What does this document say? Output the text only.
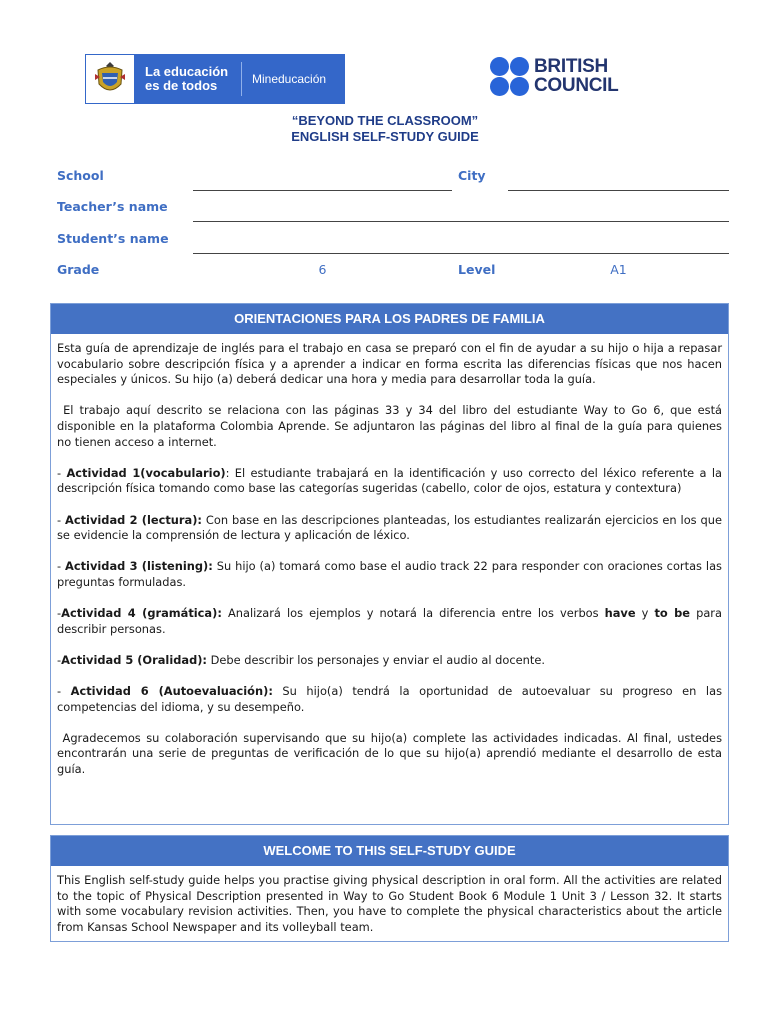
La educación
es de todos	Mineducación
BRITISH
COUNCIL
“BEYOND THE CLASSROOM”
ENGLISH SELF-STUDY GUIDE
School	City
Teacher’s name
Student’s name
Grade	6	Level	A1
ORIENTACIONES PARA LOS PADRES DE FAMILIA

Esta guía de aprendizaje de inglés para el trabajo en casa se preparó con el fin de ayudar a su hijo o hija a repasar vocabulario sobre descripción física y a aprender a indicar en forma escrita las diferencias físicas que nos hacen especiales y únicos. Su hijo (a) deberá dedicar una hora y media para desarrollar toda la guía.

El trabajo aquí descrito se relaciona con las páginas 33 y 34 del libro del estudiante Way to Go 6, que está disponible en la plataforma Colombia Aprende. Se adjuntaron las páginas del libro al final de la guía para quienes no tienen acceso a internet.

- Actividad 1(vocabulario): El estudiante trabajará en la identificación y uso correcto del léxico referente a la descripción física tomando como base las categorías sugeridas (cabello, color de ojos, estatura y contextura)

- Actividad 2 (lectura): Con base en las descripciones planteadas, los estudiantes realizarán ejercicios en los que se evidencie la comprensión de lectura y aplicación de léxico.

- Actividad 3 (listening): Su hijo (a) tomará como base el audio track 22 para responder con oraciones cortas las preguntas formuladas.

-Actividad 4 (gramática): Analizará los ejemplos y notará la diferencia entre los verbos have y to be para describir personas.

-Actividad 5 (Oralidad): Debe describir los personajes y enviar el audio al docente.

- Actividad 6 (Autoevaluación): Su hijo(a) tendrá la oportunidad de autoevaluar su progreso en las competencias del idioma, y su desempeño.

Agradecemos su colaboración supervisando que su hijo(a) complete las actividades indicadas. Al final, ustedes encontrarán una serie de preguntas de verificación de lo que su hijo(a) aprendió mediante el desarrollo de esta guía.

WELCOME TO THIS SELF-STUDY GUIDE
This English self-study guide helps you practise giving physical description in oral form. All the activities are related to the topic of Physical Description presented in Way to Go Student Book 6 Module 1 Unit 3 / Lesson 32. It starts with some vocabulary revision activities. Then, you have to complete the physical characteristics about the article from Kansas School Newspaper and its volleyball team.
